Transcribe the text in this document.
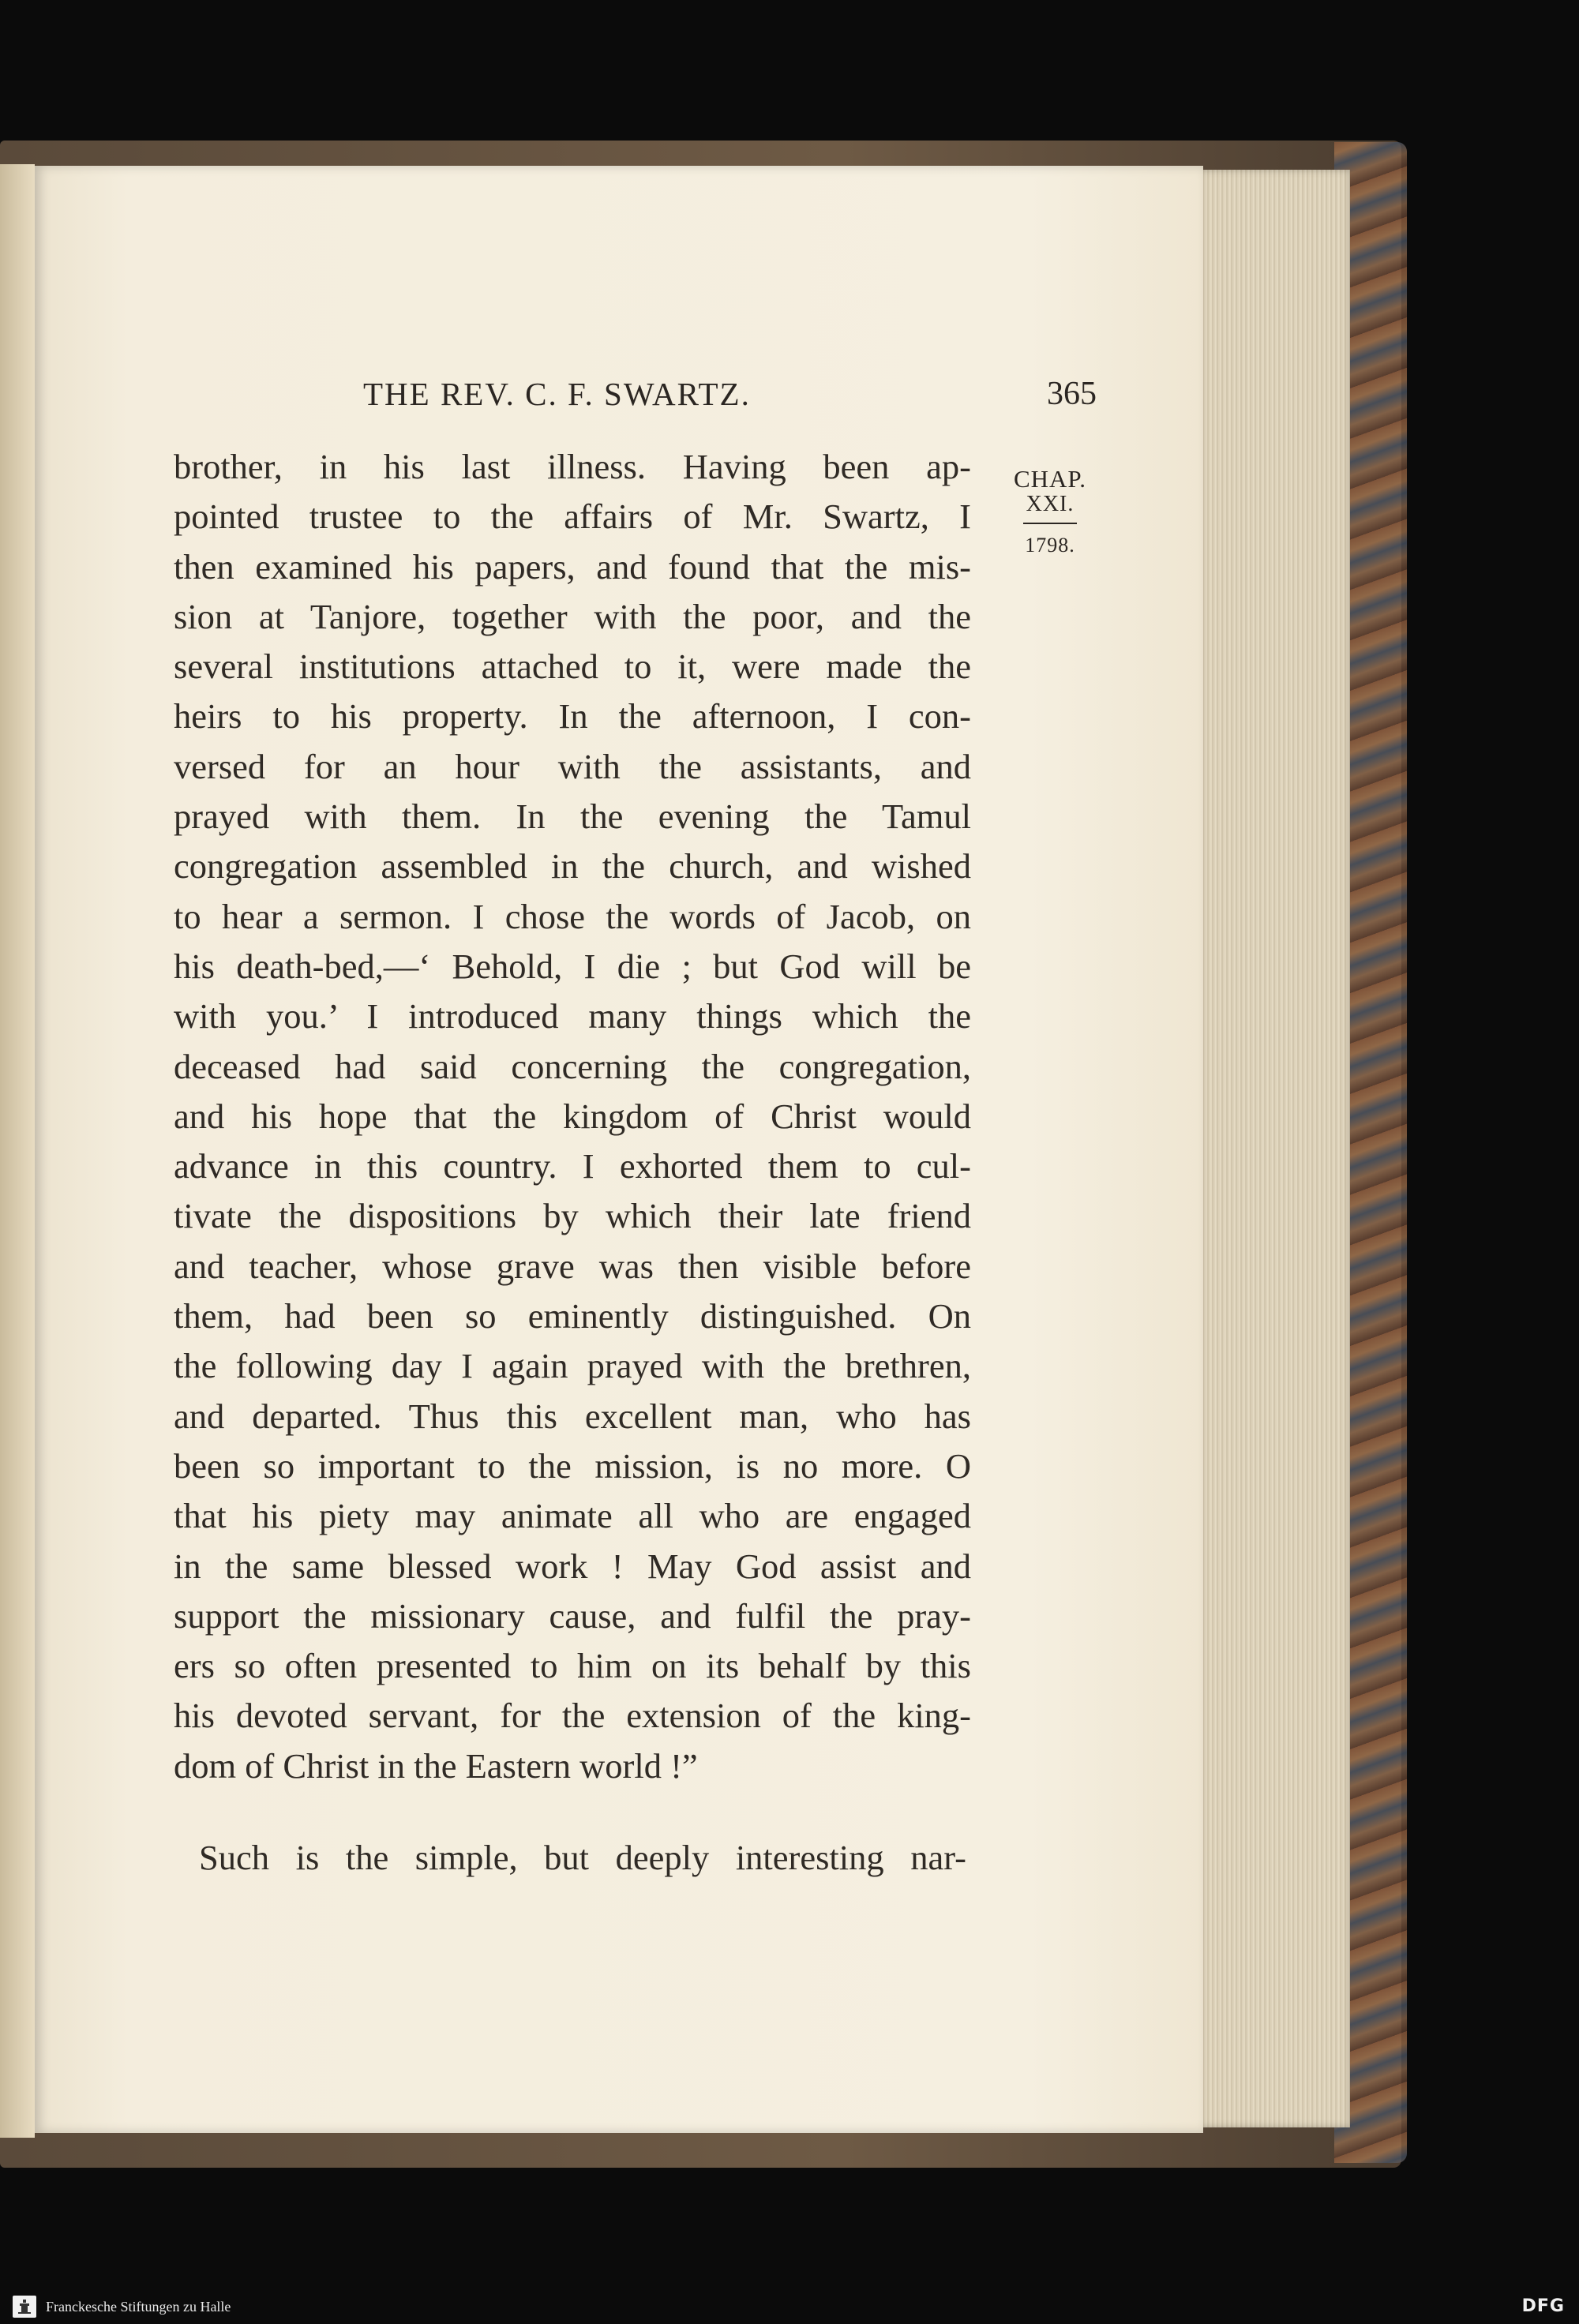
THE REV. C. F. SWARTZ.	365
CHAP.
XXI.
1798.
brother, in his last illness. Having been ap-
pointed trustee to the affairs of Mr. Swartz, I
then examined his papers, and found that the mis-
sion at Tanjore, together with the poor, and the
several institutions attached to it, were made the
heirs to his property. In the afternoon, I con-
versed for an hour with the assistants, and
prayed with them. In the evening the Tamul
congregation assembled in the church, and wished
to hear a sermon. I chose the words of Jacob, on
his death-bed,—‘ Behold, I die ; but God will be
with you.’ I introduced many things which the
deceased had said concerning the congregation,
and his hope that the kingdom of Christ would
advance in this country. I exhorted them to cul-
tivate the dispositions by which their late friend
and teacher, whose grave was then visible before
them, had been so eminently distinguished. On
the following day I again prayed with the brethren,
and departed. Thus this excellent man, who has
been so important to the mission, is no more. O
that his piety may animate all who are engaged
in the same blessed work ! May God assist and
support the missionary cause, and fulfil the pray-
ers so often presented to him on its behalf by this
his devoted servant, for the extension of the king-
dom of Christ in the Eastern world !”
Such is the simple, but deeply interesting nar-
Franckesche Stiftungen zu Halle	DFG
